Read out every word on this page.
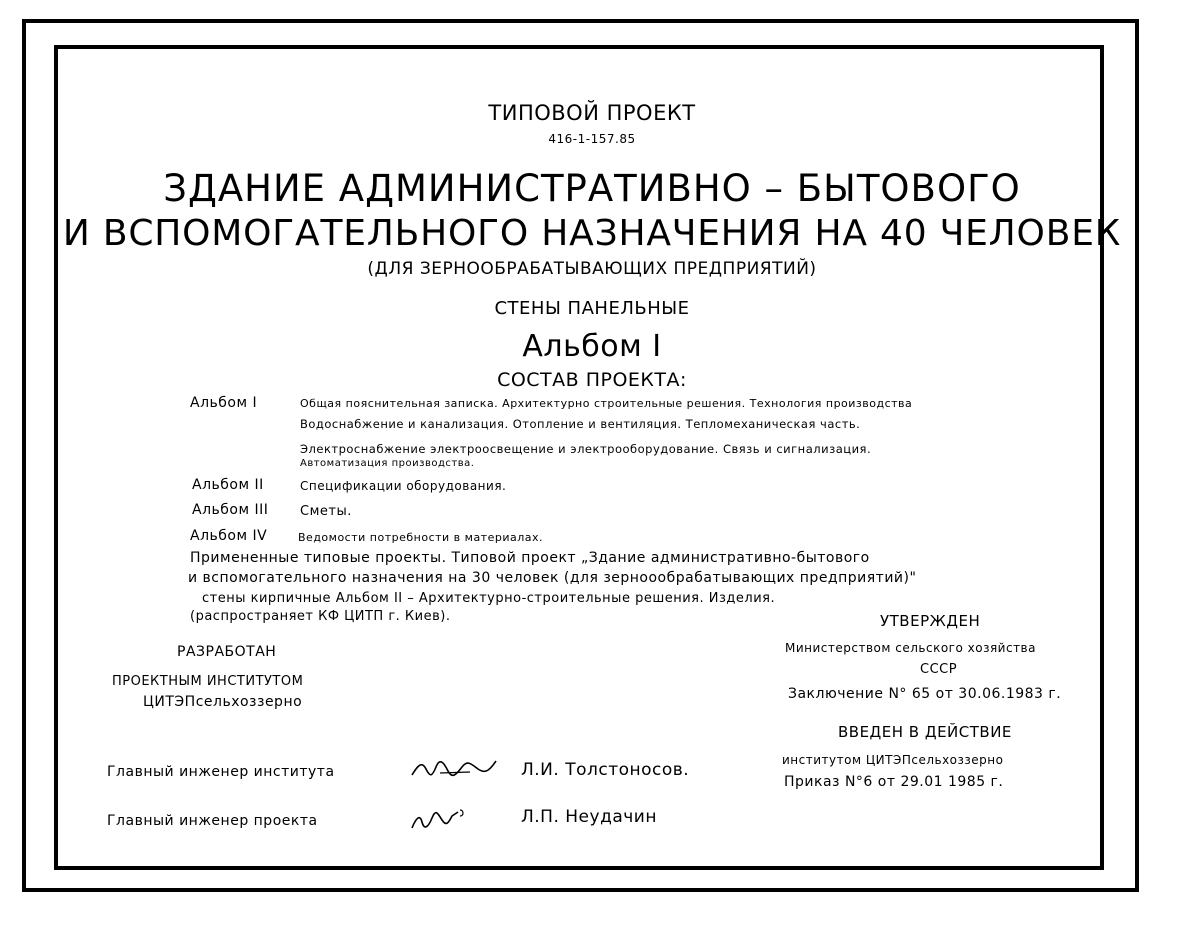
ТИПОВОЙ ПРОЕКТ
416-1-157.85
ЗДАНИЕ АДМИНИСТРАТИВНО – БЫТОВОГО
И ВСПОМОГАТЕЛЬНОГО НАЗНАЧЕНИЯ НА 40 ЧЕЛОВЕК
(ДЛЯ ЗЕРНООБРАБАТЫВАЮЩИХ ПРЕДПРИЯТИЙ)
СТЕНЫ ПАНЕЛЬНЫЕ
Альбом I
СОСТАВ ПРОЕКТА:
Альбом I	Общая пояснительная записка. Архитектурно строительные решения. Технология производства
Водоснабжение и канализация. Отопление и вентиляция. Тепломеханическая часть.
Электроснабжение электроосвещение и электрооборудование. Связь и сигнализация.
Автоматизация производства.
Альбом II	Спецификации оборудования.
Альбом III Сметы.
Альбом IV	Ведомости потребности в материалах.
Примененные типовые проекты. Типовой проект „Здание административно-бытового
и вспомогательного назначения на 30 человек (для зерноообрабатывающих предприятий)"
стены кирпичные Альбом II – Архитектурно-строительные решения. Изделия.
(распространяет КФ ЦИТП г. Киев).
РАЗРАБОТАН
ПРОЕКТНЫМ ИНСТИТУТОМ
ЦИТЭПсельхоззерно
УТВЕРЖДЕН
Министерством сельского хозяйства
СССР
Заключение N° 65 от 30.06.1983 г.
ВВЕДЕН В ДЕЙСТВИЕ
институтом ЦИТЭПсельхоззерно
Приказ N°6 от 29.01 1985 г.
Главный инженер института	Л.И. Толстоносов.
Главный инженер проекта	Л.П. Неудачин
